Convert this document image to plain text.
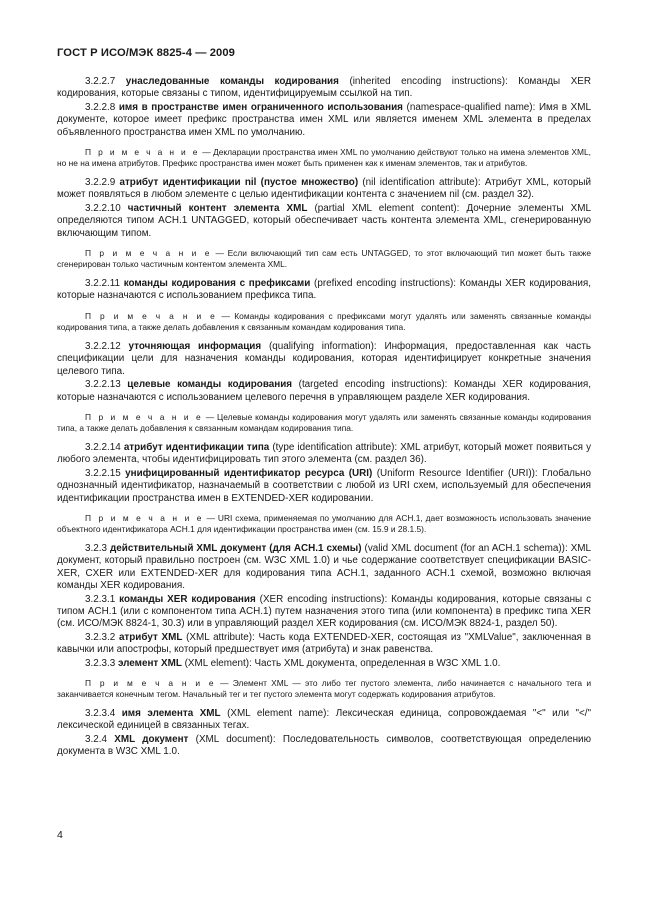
ГОСТ Р ИСО/МЭК 8825-4 — 2009

3.2.2.7 унаследованные команды кодирования (inherited encoding instructions): Команды XER кодирования, которые связаны с типом, идентифицируемым ссылкой на тип.

3.2.2.8 имя в пространстве имен ограниченного использования (namespace-qualified name): Имя в XML документе, которое имеет префикс пространства имен XML или является именем XML элемента в пределах объявленного пространства имен XML по умолчанию.

П р и м е ч а н и е — Декларации пространства имен XML по умолчанию действуют только на имена элементов XML, но не на имена атрибутов. Префикс пространства имен может быть применен как к именам элементов, так и атрибутов.

3.2.2.9 атрибут идентификации nil (пустое множество) (nil identification attribute): Атрибут XML, который может появляться в любом элементе с целью идентификации контента с значением nil (см. раздел 32).

3.2.2.10 частичный контент элемента XML (partial XML element content): Дочерние элементы XML определяются типом ACH.1 UNTAGGED, который обеспечивает часть контента элемента XML, сгенерированную включающим типом.

П р и м е ч а н и е — Если включающий тип сам есть UNTAGGED, то этот включающий тип может быть также сгенерирован только частичным контентом элемента XML.

3.2.2.11 команды кодирования с префиксами (prefixed encoding instructions): Команды XER кодирования, которые назначаются с использованием префикса типа.

П р и м е ч а н и е — Команды кодирования с префиксами могут удалять или заменять связанные команды кодирования типа, а также делать добавления к связанным командам кодирования типа.

3.2.2.12 уточняющая информация (qualifying information): Информация, предоставленная как часть спецификации цели для назначения команды кодирования, которая идентифицирует конкретные значения целевого типа.

3.2.2.13 целевые команды кодирования (targeted encoding instructions): Команды XER кодирования, которые назначаются с использованием целевого перечня в управляющем разделе XER кодирования.

П р и м е ч а н и е — Целевые команды кодирования могут удалять или заменять связанные команды кодирования типа, а также делать добавления к связанным командам кодирования типа.

3.2.2.14 атрибут идентификации типа (type identification attribute): XML атрибут, который может появиться у любого элемента, чтобы идентифицировать тип этого элемента (см. раздел 36).

3.2.2.15 унифицированный идентификатор ресурса (URI) (Uniform Resource Identifier (URI)): Глобально однозначный идентификатор, назначаемый в соответствии с любой из URI схем, используемый для обеспечения идентификации пространства имен в EXTENDED-XER кодировании.

П р и м е ч а н и е — URI схема, применяемая по умолчанию для ACH.1, дает возможность использовать значение объектного идентификатора ACH.1 для идентификации пространства имен (см. 15.9 и 28.1.5).

3.2.3 действительный XML документ (для ACH.1 схемы) (valid XML document (for an ACH.1 schema)): XML документ, который правильно построен (см. W3C XML 1.0) и чье содержание соответствует спецификации BASIC-XER, CXER или EXTENDED-XER для кодирования типа ACH.1, заданного ACH.1 схемой, возможно включая команды XER кодирования.

3.2.3.1 команды XER кодирования (XER encoding instructions): Команды кодирования, которые связаны с типом ACH.1 (или с компонентом типа ACH.1) путем назначения этого типа (или компонента) в префикс типа XER (см. ИСО/МЭК 8824-1, 30.3) или в управляющий раздел XER кодирования (см. ИСО/МЭК 8824-1, раздел 50).

3.2.3.2 атрибут XML (XML attribute): Часть кода EXTENDED-XER, состоящая из "XMLValue", заключенная в кавычки или апострофы, который предшествует имя (атрибута) и знак равенства.

3.2.3.3 элемент XML (XML element): Часть XML документа, определенная в W3C XML 1.0.

П р и м е ч а н и е — Элемент XML — это либо тег пустого элемента, либо начинается с начального тега и заканчивается конечным тегом. Начальный тег и тег пустого элемента могут содержать кодирования атрибутов.

3.2.3.4 имя элемента XML (XML element name): Лексическая единица, сопровождаемая "<" или "</" лексической единицей в связанных тегах.

3.2.4 XML документ (XML document): Последовательность символов, соответствующая определению документа в W3C XML 1.0.

4
